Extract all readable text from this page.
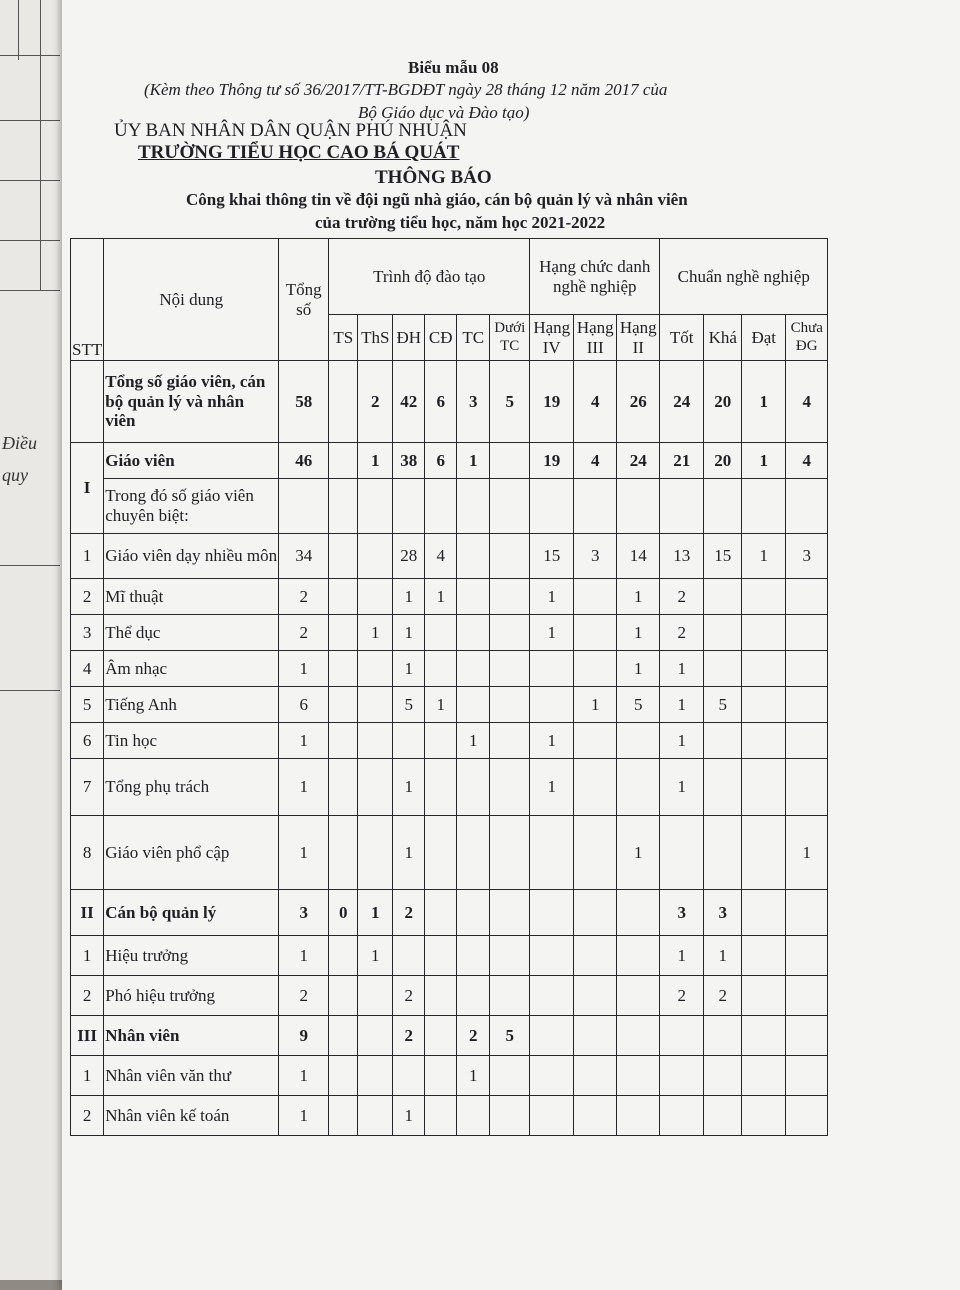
Điều
quy
Biểu mẫu 08
(Kèm theo Thông tư số 36/2017/TT-BGDĐT ngày 28 tháng 12 năm 2017 của
Bộ Giáo dục và Đào tạo)
ỦY BAN NHÂN DÂN QUẬN PHÚ NHUẬN
TRƯỜNG TIỂU HỌC CAO BÁ QUÁT
THÔNG BÁO
Công khai thông tin về đội ngũ nhà giáo, cán bộ quản lý và nhân viên
của trường tiểu học, năm học 2021-2022
STT	Nội dung	Tổng số	Trình độ đào tạo						Hạng chức danh nghề nghiệp			Chuẩn nghề nghiệp			
			TS	ThS	ĐH	CĐ	TC	Dưới TC	Hạng IV	Hạng III	Hạng II	Tốt	Khá	Đạt	Chưa ĐG
	Tổng số giáo viên, cán bộ quản lý và nhân viên	58		2	42	6	3	5	19	4	26	24	20	1	4
I	Giáo viên	46		1	38	6	1		19	4	24	21	20	1	4
	Trong đó số giáo viên chuyên biệt:														
1	Giáo viên dạy nhiều môn	34			28	4			15	3	14	13	15	1	3
2	Mĩ thuật	2			1	1			1		1	2			
3	Thể dục	2		1	1				1		1	2			
4	Âm nhạc	1			1						1	1			
5	Tiếng Anh	6			5	1				1	5	1	5		
6	Tin học	1					1		1			1			
7	Tổng phụ trách	1			1				1			1			
8	Giáo viên phổ cập	1			1						1				1
II	Cán bộ quản lý	3	0	1	2							3	3		
1	Hiệu trưởng	1		1								1	1		
2	Phó hiệu trưởng	2			2							2	2		
III	Nhân viên	9			2		2	5							
1	Nhân viên văn thư	1					1								
2	Nhân viên kế toán	1			1										
